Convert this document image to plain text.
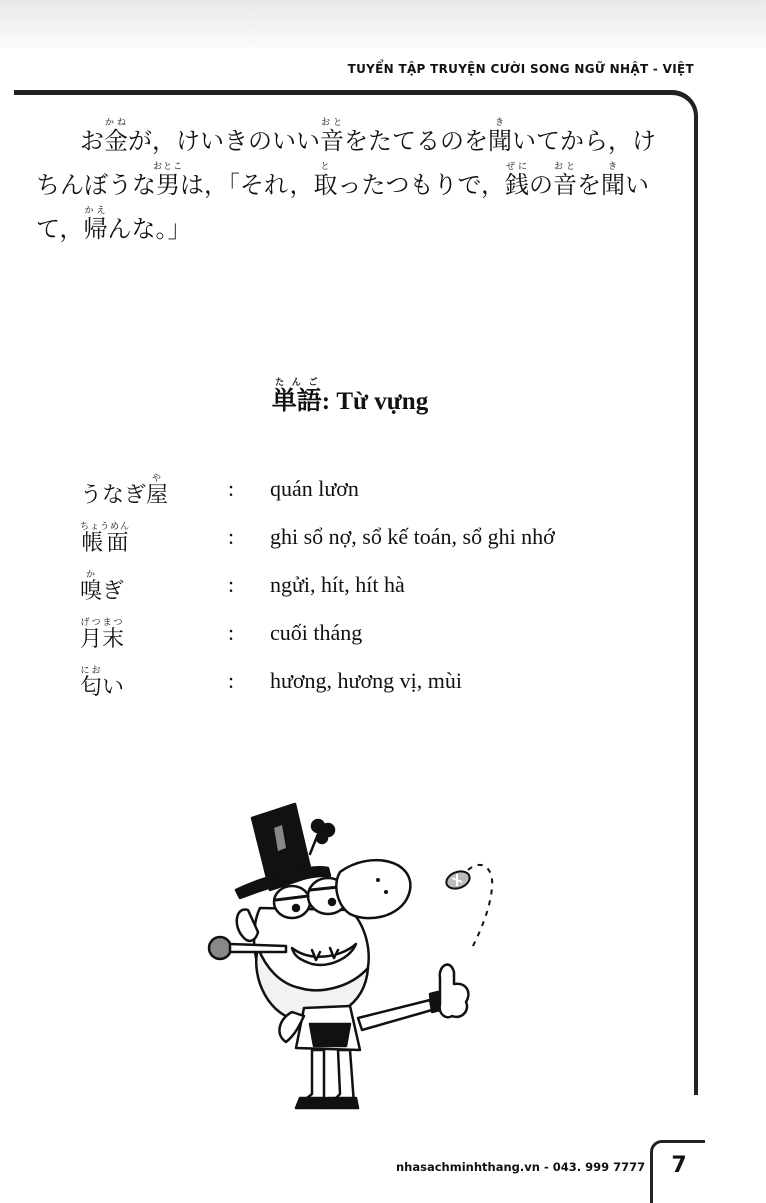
TUYỂN TẬP TRUYỆN CƯỜI SONG NGỮ NHẬT - VIỆT

お金かねが，けいきのいい音おとをたてるのを聞きいてから，けちんぼうな男おとこは，「それ，取とったつもりで，銭ぜにの音おとを聞きいて，帰かえんな。」

単語たんご: Từ vựng
うなぎ屋や	: quán lươn
帳面ちょうめん	: ghi sổ nợ, sổ kế toán, sổ ghi nhớ
嗅かぎ	: ngửi, hít, hít hà
月末げつまつ	: cuối tháng
匂におい	: hương, hương vị, mùi
nhasachminhthang.vn - 043. 999 7777	7
